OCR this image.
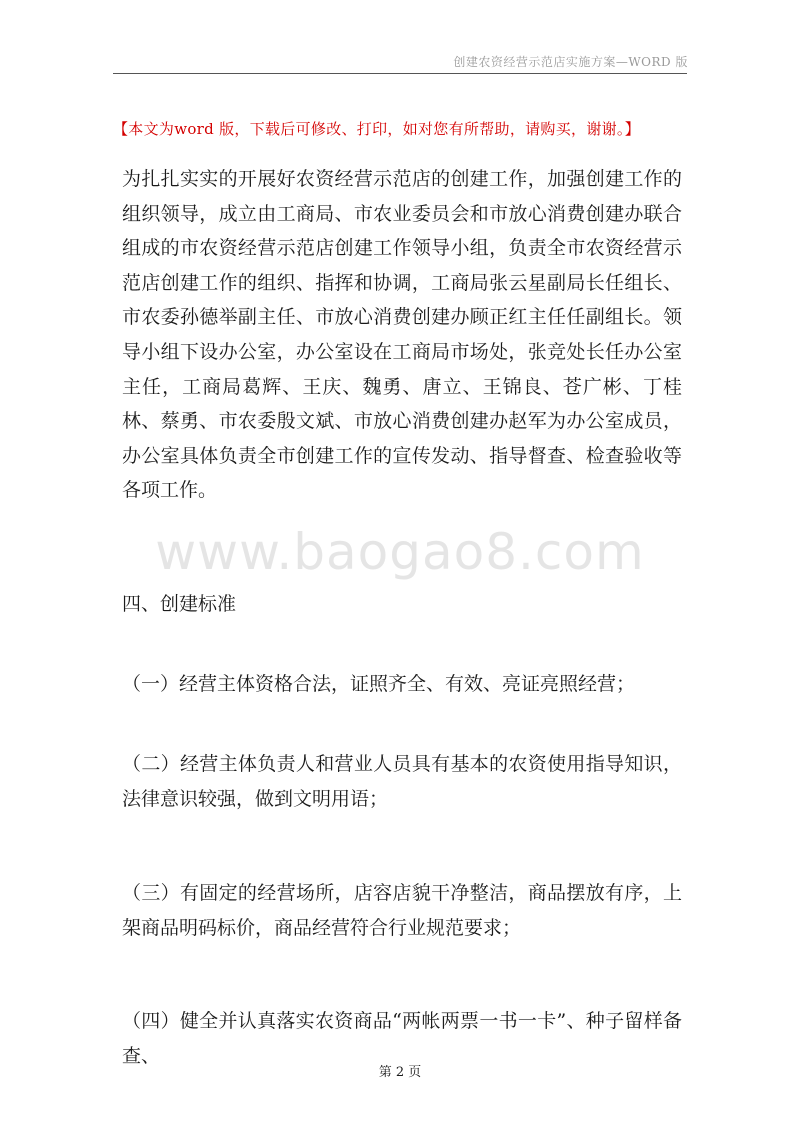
创建农资经营示范店实施方案—WORD 版
【本文为word 版，下载后可修改、打印，如对您有所帮助，请购买，谢谢。】

为扎扎实实的开展好农资经营示范店的创建工作，加强创建工作的组织领导，成立由工商局、市农业委员会和市放心消费创建办联合组成的市农资经营示范店创建工作领导小组，负责全市农资经营示范店创建工作的组织、指挥和协调，工商局张云星副局长任组长、市农委孙德举副主任、市放心消费创建办顾正红主任任副组长。领导小组下设办公室，办公室设在工商局市场处，张竞处长任办公室主任，工商局葛辉、王庆、魏勇、唐立、王锦良、苍广彬、丁桂林、蔡勇、市农委殷文斌、市放心消费创建办赵军为办公室成员，办公室具体负责全市创建工作的宣传发动、指导督查、检查验收等各项工作。

www.baogao8.com

四、创建标准

（一）经营主体资格合法，证照齐全、有效、亮证亮照经营；

（二）经营主体负责人和营业人员具有基本的农资使用指导知识，法律意识较强，做到文明用语；

（三）有固定的经营场所，店容店貌干净整洁，商品摆放有序，上架商品明码标价，商品经营符合行业规范要求；

（四）健全并认真落实农资商品“两帐两票一书一卡”、种子留样备查、

第 2 页
